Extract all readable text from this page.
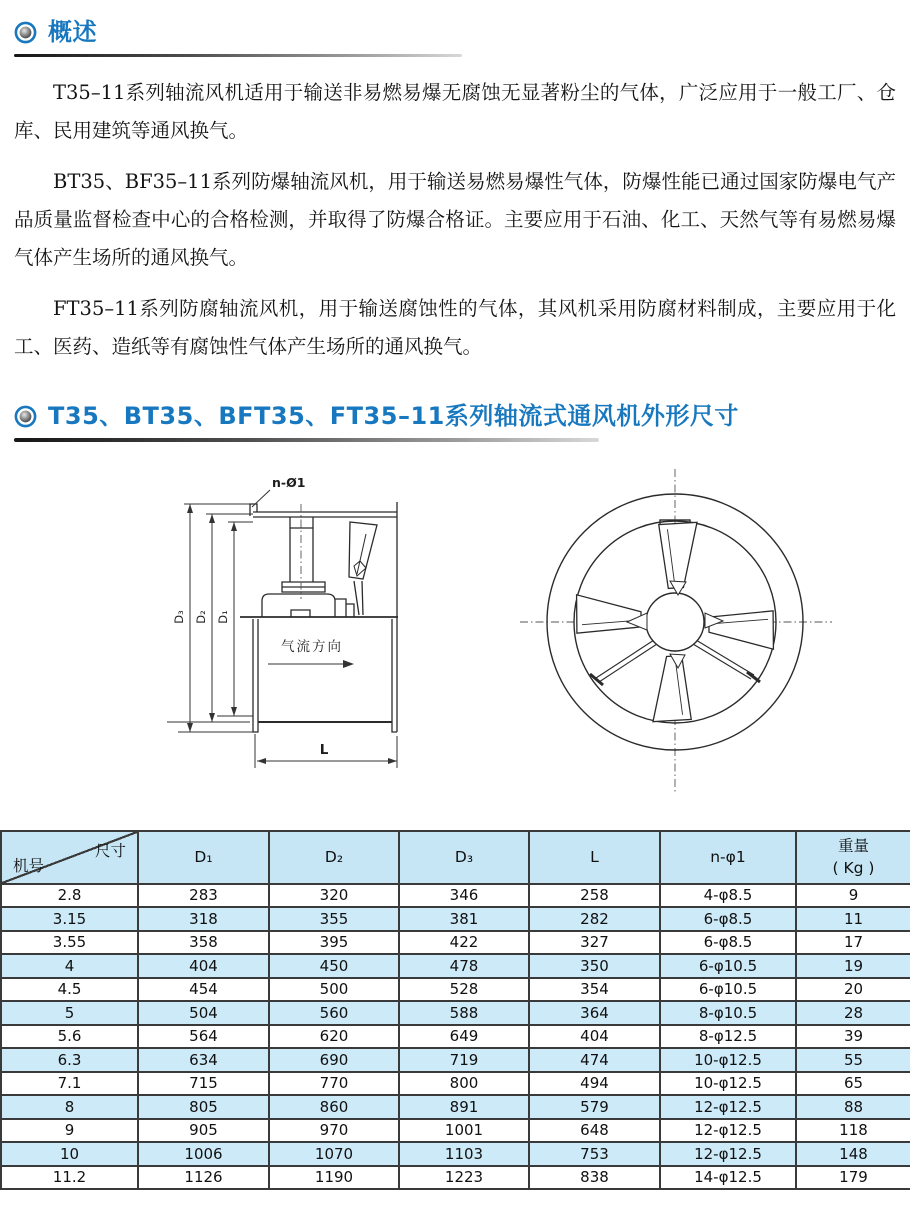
概述

T35–11系列轴流风机适用于输送非易燃易爆无腐蚀无显著粉尘的气体，广泛应用于一般工厂、仓库、民用建筑等通风换气。

BT35、BF35–11系列防爆轴流风机，用于输送易燃易爆性气体，防爆性能已通过国家防爆电气产品质量监督检查中心的合格检测，并取得了防爆合格证。主要应用于石油、化工、天然气等有易燃易爆气体产生场所的通风换气。

FT35–11系列防腐轴流风机，用于输送腐蚀性的气体，其风机采用防腐材料制成，主要应用于化工、医药、造纸等有腐蚀性气体产生场所的通风换气。

T35、BT35、BFT35、FT35–11系列轴流式通风机外形尺寸
n-Ø1
D₃ D₂ D₁
气流方向
L
尺寸
机号	D₁	D₂	D₃	L	n-φ1	
重量
( Kg )

2.8	283	320	346	258	4-φ8.5	9
3.15	318	355	381	282	6-φ8.5	11
3.55	358	395	422	327	6-φ8.5	17
4	404	450	478	350	6-φ10.5	19
4.5	454	500	528	354	6-φ10.5	20
5	504	560	588	364	8-φ10.5	28
5.6	564	620	649	404	8-φ12.5	39
6.3	634	690	719	474	10-φ12.5	55
7.1	715	770	800	494	10-φ12.5	65
8	805	860	891	579	12-φ12.5	88
9	905	970	1001	648	12-φ12.5	118
10	1006	1070	1103	753	12-φ12.5	148
11.2	1126	1190	1223	838	14-φ12.5	179
